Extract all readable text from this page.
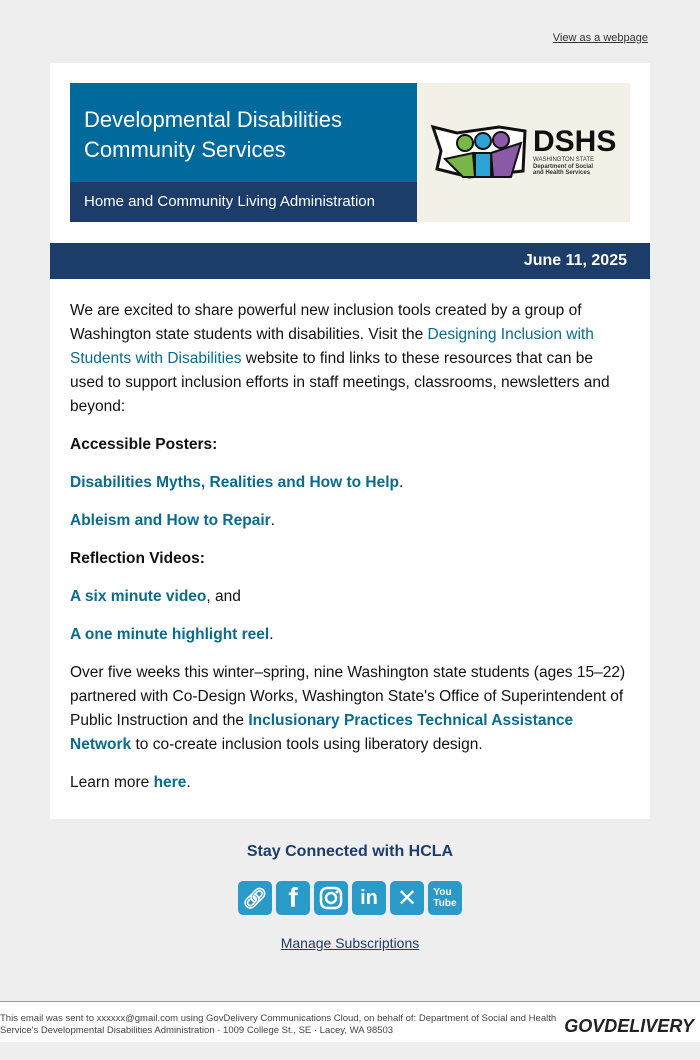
View as a webpage
Developmental Disabilities
Community Services
Home and Community Living Administration
DSHS
WASHINGTON STATE
Department of Social
and Health Services
June 11, 2025

We are excited to share powerful new inclusion tools created by a group of Washington state students with disabilities. Visit the Designing Inclusion with Students with Disabilities website to find links to these resources that can be used to support inclusion efforts in staff meetings, classrooms, newsletters and beyond:

Accessible Posters:

Disabilities Myths, Realities and How to Help.

Ableism and How to Repair.

Reflection Videos:

A six minute video, and

A one minute highlight reel.

Over five weeks this winter–spring, nine Washington state students (ages 15–22) partnered with Co-Design Works, Washington State's Office of Superintendent of Public Instruction and the Inclusionary Practices Technical Assistance Network to co-create inclusion tools using liberatory design.

Learn more here.

Stay Connected with HCLA
🔗︎ f	in ✕	You
Tube
Manage Subscriptions

This email was sent to xxxxxx@gmail.com using GovDelivery Communications Cloud, on behalf of: Department of Social and Health Service's Developmental Disabilities Administration · 1009 College St., SE · Lacey, WA 98503	GOVDELIVERY
